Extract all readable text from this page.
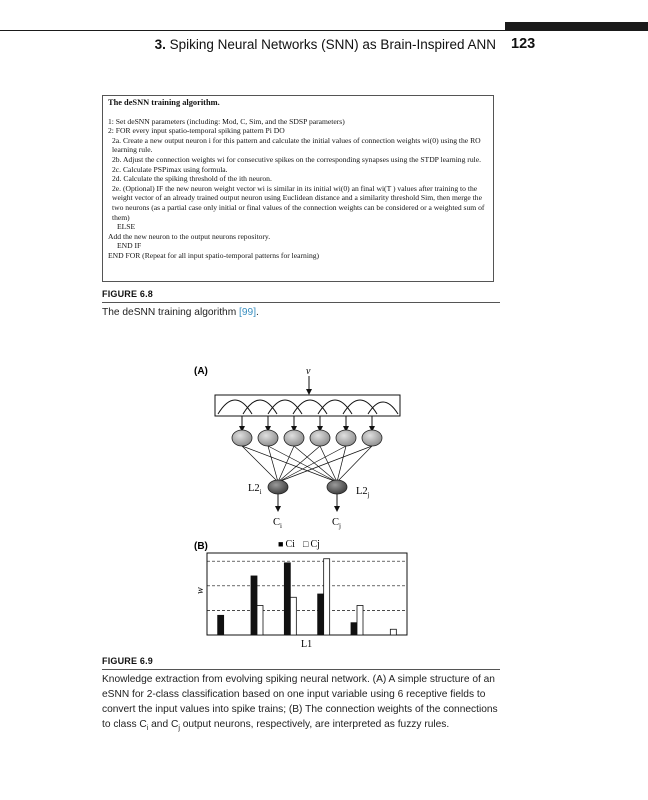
3. Spiking Neural Networks (SNN) as Brain-Inspired ANN 123
The deSNN training algorithm.
1: Set deSNN parameters (including: Mod, C, Sim, and the SDSP parameters)
2: FOR every input spatio-temporal spiking pattern Pi DO
2a. Create a new output neuron i for this pattern and calculate the initial values of connection weights wi(0) using the RO learning rule.
2b. Adjust the connection weights wi for consecutive spikes on the corresponding synapses using the STDP learning rule.
2c. Calculate PSPimax using formula.
2d. Calculate the spiking threshold of the ith neuron.
2e. (Optional) IF the new neuron weight vector wi is similar in its initial wi(0) an final wi(T ) values after training to the weight vector of an already trained output neuron using Euclidean distance and a similarity threshold Sim, then merge the two neurons (as a partial case only initial or final values of the connection weights can be considered or a weighted sum of them)
ELSE
Add the new neuron to the output neurons repository.
END IF
END FOR (Repeat for all input spatio-temporal patterns for learning)
FIGURE 6.8
The deSNN training algorithm [99].
(A)	v
$L2_i$	$L2_j$
$C_i$	$C_j$
(B)	■ Ci □ Cj
w
L1
FIGURE 6.9
Knowledge extraction from evolving spiking neural network. (A) A simple structure of an
eSNN for 2-class classification based on one input variable using 6 receptive fields to
convert the input values into spike trains; (B) The connection weights of the connections
to class $C_i$ and $C_j$ output neurons, respectively, are interpreted as fuzzy rules.
